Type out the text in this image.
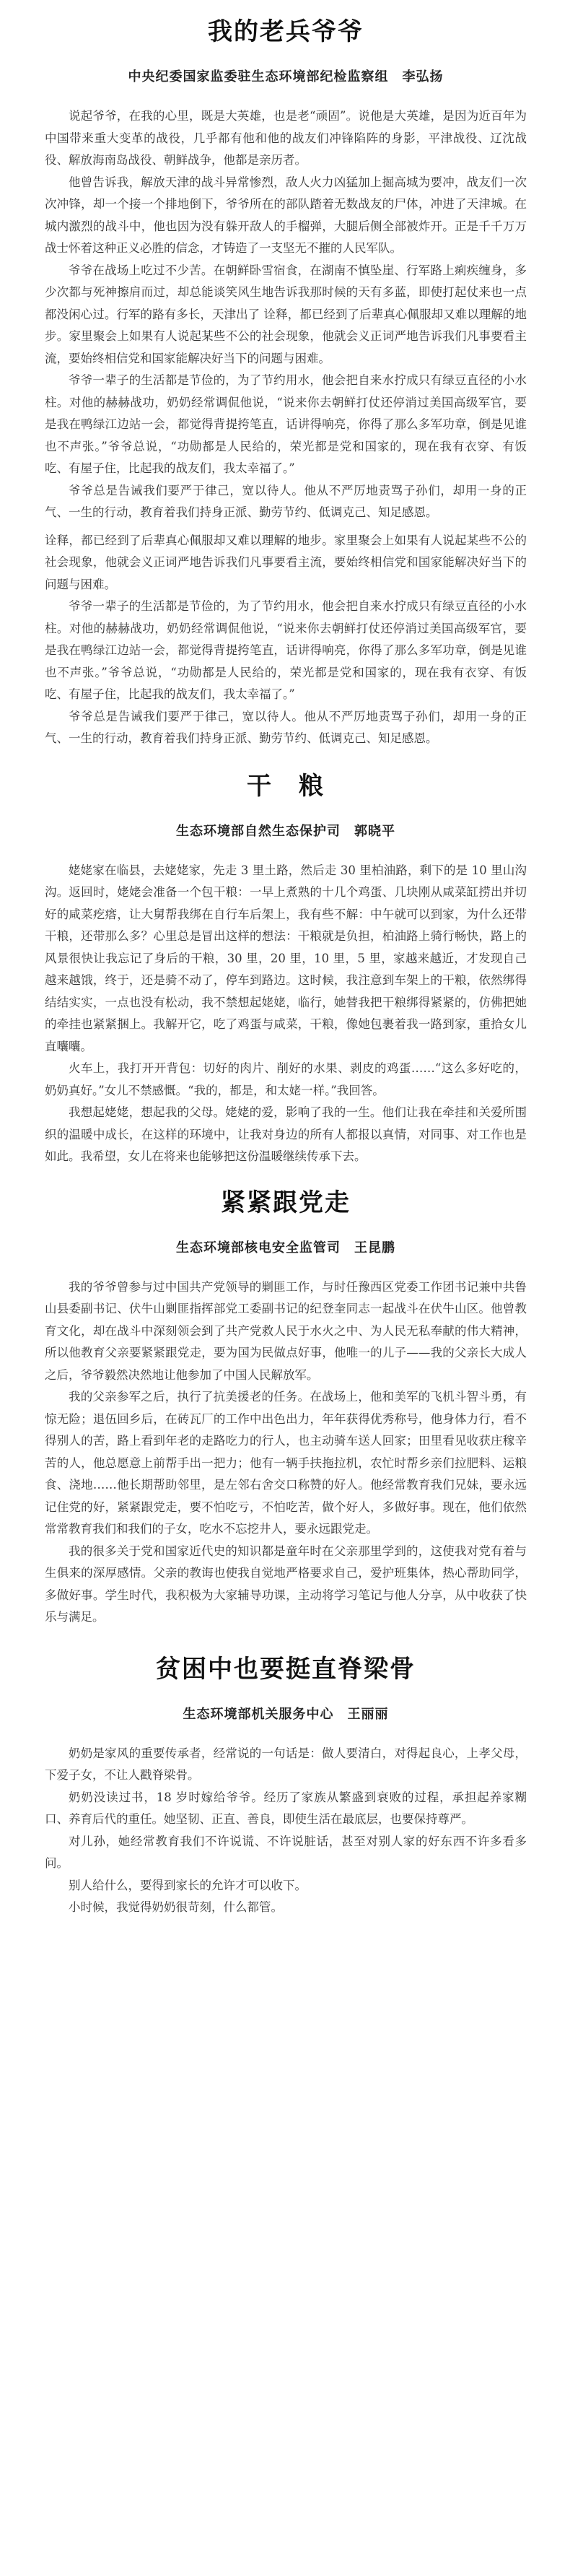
我的老兵爷爷
中央纪委国家监委驻生态环境部纪检监察组　李弘扬

说起爷爷，在我的心里，既是大英雄，也是老“顽固”。说他是大英雄，是因为近百年为中国带来重大变革的战役，几乎都有他和他的战友们冲锋陷阵的身影，平津战役、辽沈战役、解放海南岛战役、朝鲜战争，他都是亲历者。

他曾告诉我，解放天津的战斗异常惨烈，敌人火力凶猛加上掘高城为要冲，战友们一次次冲锋，却一个接一个排地倒下，爷爷所在的部队踏着无数战友的尸体，冲进了天津城。在城内激烈的战斗中，他也因为没有躲开敌人的手榴弹，大腿后侧全部被炸开。正是千千万万战士怀着这种正义必胜的信念，才铸造了一支坚无不摧的人民军队。

爷爷在战场上吃过不少苦。在朝鲜卧雪宿食，在湖南不慎坠崖、行军路上痢疾缠身，多少次都与死神擦肩而过，却总能谈笑风生地告诉我那时候的天有多蓝，即使打起仗来也一点都没闲心过。行军的路有多长，天津出了 诠释，都已经到了后辈真心佩服却又难以理解的地步。家里聚会上如果有人说起某些不公的社会现象，他就会义正词严地告诉我们凡事要看主流，要始终相信党和国家能解决好当下的问题与困难。

爷爷一辈子的生活都是节俭的，为了节约用水，他会把自来水拧成只有绿豆直径的小水柱。对他的赫赫战功，奶奶经常调侃他说，“说来你去朝鲜打仗还停消过美国高级军官，要是我在鸭绿江边站一会，都觉得背提挎笔直，话讲得响亮，你得了那么多军功章，倒是见谁也不声张。”爷爷总说，“功勋都是人民给的，荣光都是党和国家的，现在我有衣穿、有饭吃、有屋子住，比起我的战友们，我太幸福了。”

爷爷总是告诫我们要严于律己，宽以待人。他从不严厉地责骂子孙们，却用一身的正气、一生的行动，教育着我们持身正派、勤劳节约、低调克己、知足感恩。

诠释，都已经到了后辈真心佩服却又难以理解的地步。家里聚会上如果有人说起某些不公的社会现象，他就会义正词严地告诉我们凡事要看主流，要始终相信党和国家能解决好当下的问题与困难。

爷爷一辈子的生活都是节俭的，为了节约用水，他会把自来水拧成只有绿豆直径的小水柱。对他的赫赫战功，奶奶经常调侃他说，“说来你去朝鲜打仗还停消过美国高级军官，要是我在鸭绿江边站一会，都觉得背提挎笔直，话讲得响亮，你得了那么多军功章，倒是见谁也不声张。”爷爷总说，“功勋都是人民给的，荣光都是党和国家的，现在我有衣穿、有饭吃、有屋子住，比起我的战友们，我太幸福了。”

爷爷总是告诫我们要严于律己，宽以待人。他从不严厉地责骂子孙们，却用一身的正气、一生的行动，教育着我们持身正派、勤劳节约、低调克己、知足感恩。

干　粮
生态环境部自然生态保护司　郭晓平

姥姥家在临县，去姥姥家，先走 3 里土路，然后走 30 里柏油路，剩下的是 10 里山沟沟。返回时，姥姥会准备一个包干粮：一早上煮熟的十几个鸡蛋、几块刚从咸菜缸捞出并切好的咸菜疙瘩，让大舅帮我绑在自行车后架上，我有些不解：中午就可以到家，为什么还带干粮，还带那么多？心里总是冒出这样的想法：干粮就是负担，柏油路上骑行畅快，路上的风景很快让我忘记了身后的干粮，30 里，20 里，10 里，5 里，家越来越近，才发现自己越来越饿，终于，还是骑不动了，停车到路边。这时候，我注意到车架上的干粮，依然绑得结结实实，一点也没有松动，我不禁想起姥姥，临行，她替我把干粮绑得紧紧的，仿佛把她的牵挂也紧紧捆上。我解开它，吃了鸡蛋与咸菜，干粮，像她包裹着我一路到家，重拾女儿直囔囔。

火车上，我打开开背包：切好的肉片、削好的水果、剥皮的鸡蛋……“这么多好吃的，奶奶真好。”女儿不禁感慨。“我的，都是，和太姥一样。”我回答。

我想起姥姥，想起我的父母。姥姥的爱，影响了我的一生。他们让我在牵挂和关爱所围织的温暖中成长，在这样的环境中，让我对身边的所有人都报以真情，对同事、对工作也是如此。我希望，女儿在将来也能够把这份温暖继续传承下去。

紧紧跟党走
生态环境部核电安全监管司　王昆鹏

我的爷爷曾参与过中国共产党领导的剿匪工作，与时任豫西区党委工作团书记兼中共鲁山县委副书记、伏牛山剿匪指挥部党工委副书记的纪登奎同志一起战斗在伏牛山区。他曾教育文化，却在战斗中深刻领会到了共产党救人民于水火之中、为人民无私奉献的伟大精神，所以他教育父亲要紧紧跟党走，要为国为民做点好事，他唯一的儿子——我的父亲长大成人之后，爷爷毅然决然地让他参加了中国人民解放军。

我的父亲参军之后，执行了抗美援老的任务。在战场上，他和美军的飞机斗智斗勇，有惊无险；退伍回乡后，在砖瓦厂的工作中出色出力，年年获得优秀称号，他身体力行，看不得别人的苦，路上看到年老的走路吃力的行人，也主动骑车送人回家；田里看见收获庄稼辛苦的人，他总愿意上前帮手出一把力；他有一辆手扶拖拉机，农忙时帮乡亲们拉肥料、运粮食、浇地……他长期帮助邻里，是左邻右舍交口称赞的好人。他经常教育我们兄妹，要永远记住党的好，紧紧跟党走，要不怕吃亏，不怕吃苦，做个好人，多做好事。现在，他们依然常常教育我们和我们的子女，吃水不忘挖井人，要永远跟党走。

我的很多关于党和国家近代史的知识都是童年时在父亲那里学到的，这使我对党有着与生俱来的深厚感情。父亲的教诲也使我自觉地严格要求自己，爱护班集体，热心帮助同学，多做好事。学生时代，我积极为大家辅导功课，主动将学习笔记与他人分享，从中收获了快乐与满足。

贫困中也要挺直脊梁骨
生态环境部机关服务中心　王丽丽

奶奶是家风的重要传承者，经常说的一句话是：做人要清白，对得起良心，上孝父母，下爱子女，不让人戳脊梁骨。

奶奶没读过书，18 岁时嫁给爷爷。经历了家族从繁盛到衰败的过程，承担起养家糊口、养育后代的重任。她坚韧、正直、善良，即使生活在最底层，也要保持尊严。

对儿孙，她经常教育我们不许说谎、不许说脏话，甚至对别人家的好东西不许多看多问。

别人给什么，要得到家长的允许才可以收下。

小时候，我觉得奶奶很苛刻，什么都管。
